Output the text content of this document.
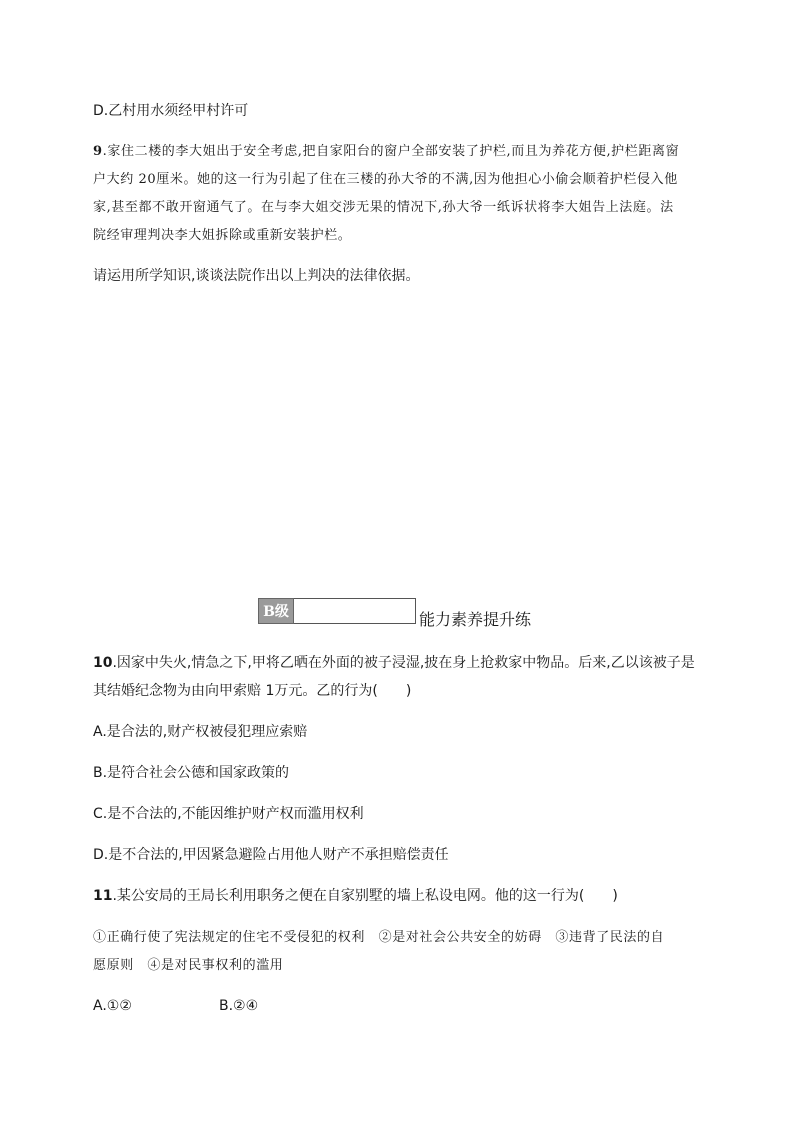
D.乙村用水须经甲村许可
9.家住二楼的李大姐出于安全考虑,把自家阳台的窗户全部安装了护栏,而且为养花方便,护栏距离窗
户大约 20厘米。她的这一行为引起了住在三楼的孙大爷的不满,因为他担心小偷会顺着护栏侵入他
家,甚至都不敢开窗通气了。在与李大姐交涉无果的情况下,孙大爷一纸诉状将李大姐告上法庭。法
院经审理判决李大姐拆除或重新安装护栏。
请运用所学知识,谈谈法院作出以上判决的法律依据。
B级	能力素养提升练
10.因家中失火,情急之下,甲将乙晒在外面的被子浸湿,披在身上抢救家中物品。后来,乙以该被子是
其结婚纪念物为由向甲索赔 1万元。乙的行为(　　)
A.是合法的,财产权被侵犯理应索赔
B.是符合社会公德和国家政策的
C.是不合法的,不能因维护财产权而滥用权利
D.是不合法的,甲因紧急避险占用他人财产不承担赔偿责任
11.某公安局的王局长利用职务之便在自家别墅的墙上私设电网。他的这一行为(　　)
①正确行使了宪法规定的住宅不受侵犯的权利　②是对社会公共安全的妨碍　③违背了民法的自
愿原则　④是对民事权利的滥用
A.①②	B.②④
